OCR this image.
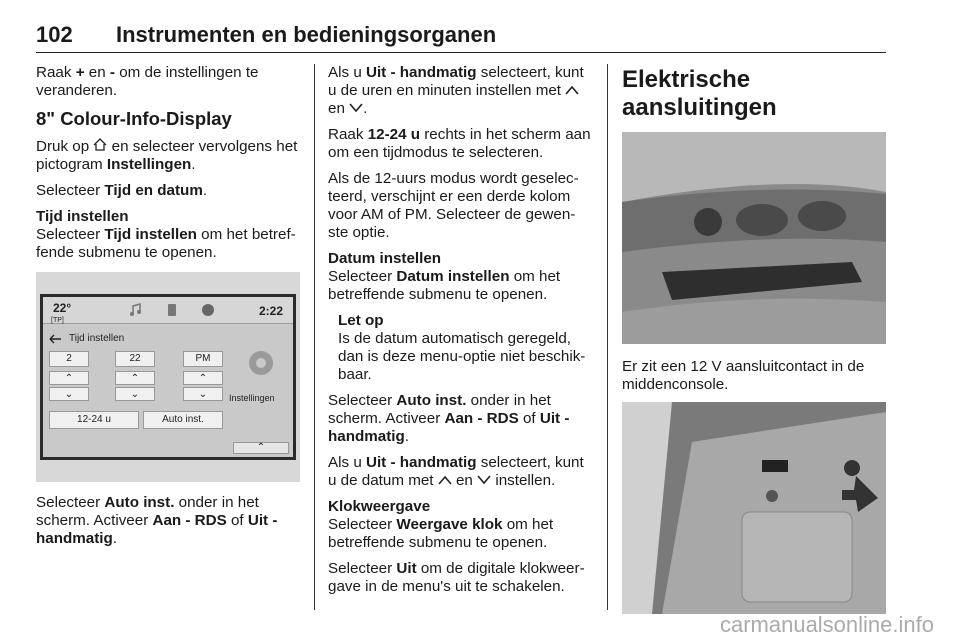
102 Instrumenten en bedieningsorganen

Raak + en - om de instellingen te veranderen.

8" Colour-Info-Display

Druk op  en selecteer vervolgens het pictogram Instellingen.

Selecteer Tijd en datum.

Tijd instellen

Selecteer Tijd instellen om het betref-fende submenu te openen.

22°
[TP]
2:22
Tijd instellen
2	22	PM
⌃	⌃	⌃
⌄	⌄	⌄
12-24 u	Auto inst.
Instellingen
⌃

Selecteer Auto inst. onder in het scherm. Activeer Aan - RDS of Uit - handmatig.

Als u Uit - handmatig selecteert, kunt u de uren en minuten instellen met  en .

Raak 12-24 u rechts in het scherm aan om een tijdmodus te selecteren.

Als de 12-uurs modus wordt geselec-teerd, verschijnt er een derde kolom voor AM of PM. Selecteer de gewen-ste optie.

Datum instellen

Selecteer Datum instellen om het betreffende submenu te openen.

Let op

Is de datum automatisch geregeld, dan is deze menu-optie niet beschik-baar.

Selecteer Auto inst. onder in het scherm. Activeer Aan - RDS of Uit - handmatig.

Als u Uit - handmatig selecteert, kunt u de datum met  en  instellen.

Klokweergave

Selecteer Weergave klok om het betreffende submenu te openen.

Selecteer Uit om de digitale klokweer-gave in de menu's uit te schakelen.

Elektrische aansluitingen

Er zit een 12 V aansluitcontact in de middenconsole.

carmanualsonline.info
